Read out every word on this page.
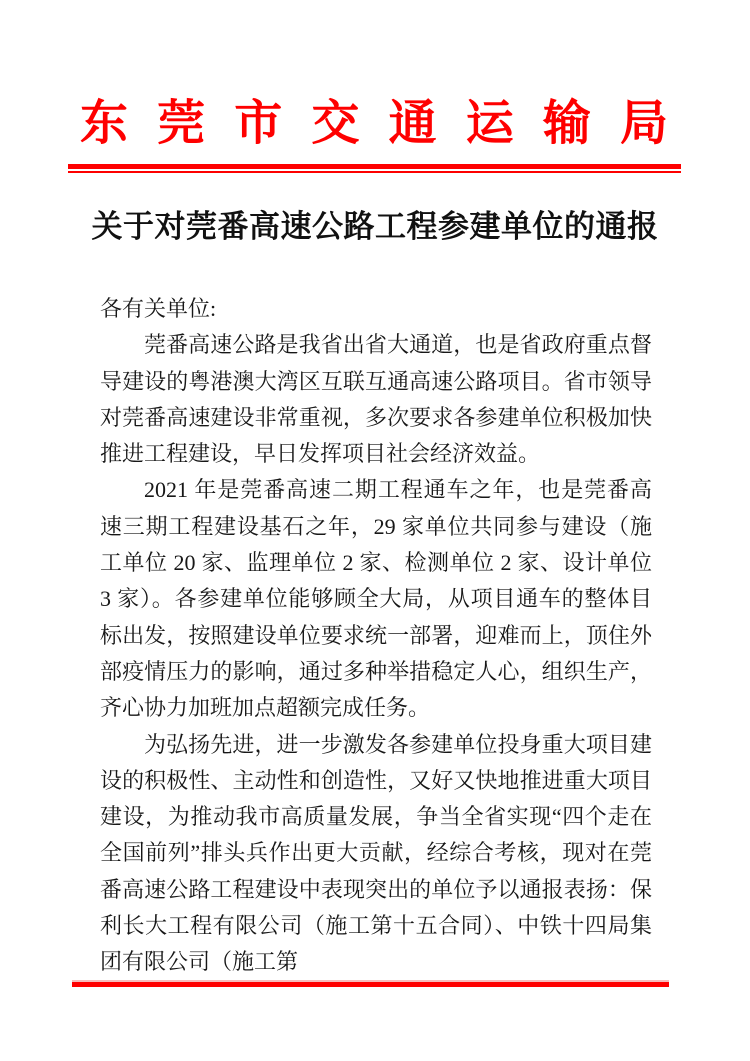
东 莞 市 交 通 运 输 局
关于对莞番高速公路工程参建单位的通报

各有关单位:

莞番高速公路是我省出省大通道，也是省政府重点督导建设的粤港澳大湾区互联互通高速公路项目。省市领导对莞番高速建设非常重视，多次要求各参建单位积极加快推进工程建设，早日发挥项目社会经济效益。

2021 年是莞番高速二期工程通车之年，也是莞番高速三期工程建设基石之年，29 家单位共同参与建设（施工单位 20 家、监理单位 2 家、检测单位 2 家、设计单位 3 家）。各参建单位能够顾全大局，从项目通车的整体目标出发，按照建设单位要求统一部署，迎难而上，顶住外部疫情压力的影响，通过多种举措稳定人心，组织生产，齐心协力加班加点超额完成任务。

为弘扬先进，进一步激发各参建单位投身重大项目建设的积极性、主动性和创造性，又好又快地推进重大项目建设，为推动我市高质量发展，争当全省实现“四个走在全国前列”排头兵作出更大贡献，经综合考核，现对在莞番高速公路工程建设中表现突出的单位予以通报表扬：保利长大工程有限公司（施工第十五合同）、中铁十四局集团有限公司（施工第
